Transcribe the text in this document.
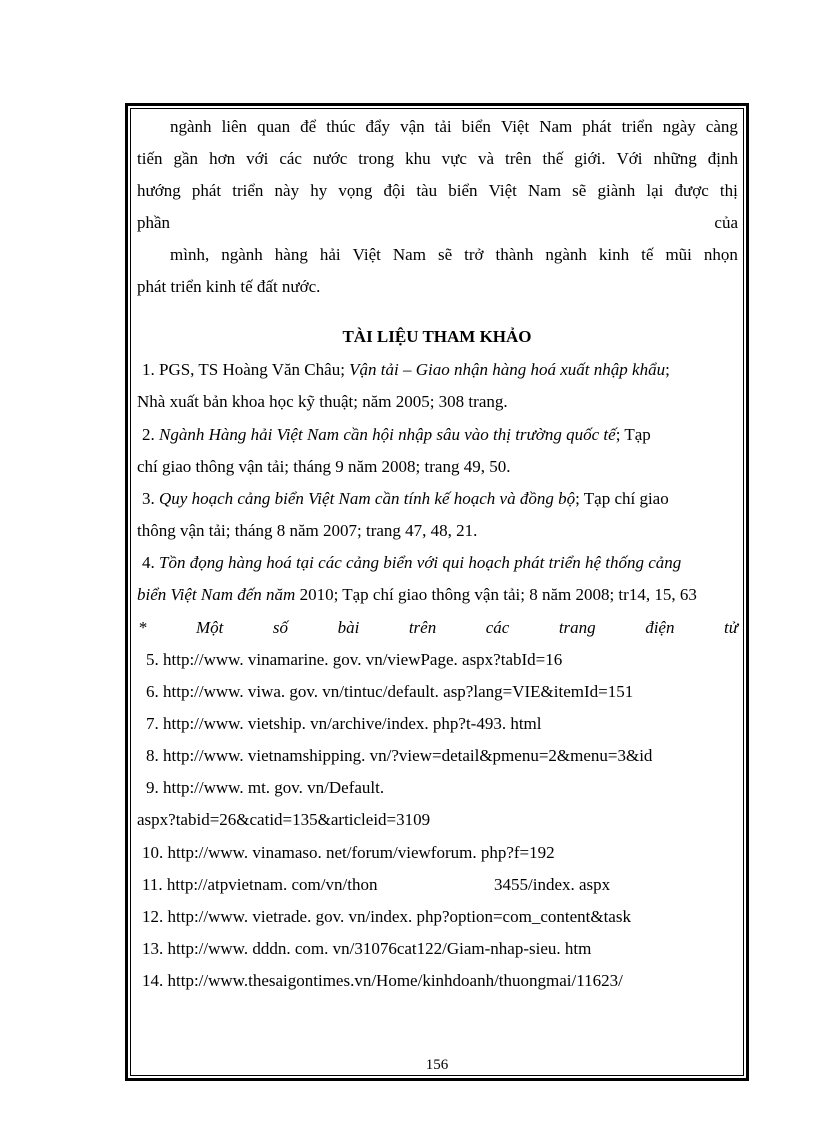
ngành liên quan để thúc đẩy vận tải biển Việt Nam phát triển ngày càng
tiến gần hơn với các nước trong khu vực và trên thế giới. Với những định
hướng phát triển này hy vọng đội tàu biển Việt Nam sẽ giành lại được thị
phần	của
mình, ngành hàng hải Việt Nam sẽ trở thành ngành kinh tế mũi nhọn
phát triển kinh tế đất nước.
TÀI LIỆU THAM KHẢO
1. PGS, TS Hoàng Văn Châu; Vận tải – Giao nhận hàng hoá xuất nhập khẩu;
Nhà xuất bản khoa học kỹ thuật; năm 2005; 308 trang.
2. Ngành Hàng hải Việt Nam cần hội nhập sâu vào thị trường quốc tế; Tạp
chí giao thông vận tải; tháng 9 năm 2008; trang 49, 50.
3. Quy hoạch cảng biển Việt Nam cần tính kế hoạch và đồng bộ; Tạp chí giao
thông vận tải; tháng 8 năm 2007; trang 47, 48, 21.
4. Tồn đọng hàng hoá tại các cảng biển với qui hoạch phát triển hệ thống cảng
biển Việt Nam đến năm 2010; Tạp chí giao thông vận tải; 8 năm 2008; tr14, 15, 63
*	Một	số	bài	trên	các	trang	điện	tử
5. http://www. vinamarine. gov. vn/viewPage. aspx?tabId=16
6. http://www. viwa. gov. vn/tintuc/default. asp?lang=VIE&itemId=151
7. http://www. vietship. vn/archive/index. php?t-493. html
8. http://www. vietnamshipping. vn/?view=detail&pmenu=2&menu=3&id
9. http://www. mt. gov. vn/Default.
aspx?tabid=26&catid=135&articleid=3109
10. http://www. vinamaso. net/forum/viewforum. php?f=192
11. http://atpvietnam. com/vn/thon	3455/index. aspx
12. http://www. vietrade. gov. vn/index. php?option=com_content&task
13. http://www. dddn. com. vn/31076cat122/Giam-nhap-sieu. htm
14. http://www.thesaigontimes.vn/Home/kinhdoanh/thuongmai/11623/
156
